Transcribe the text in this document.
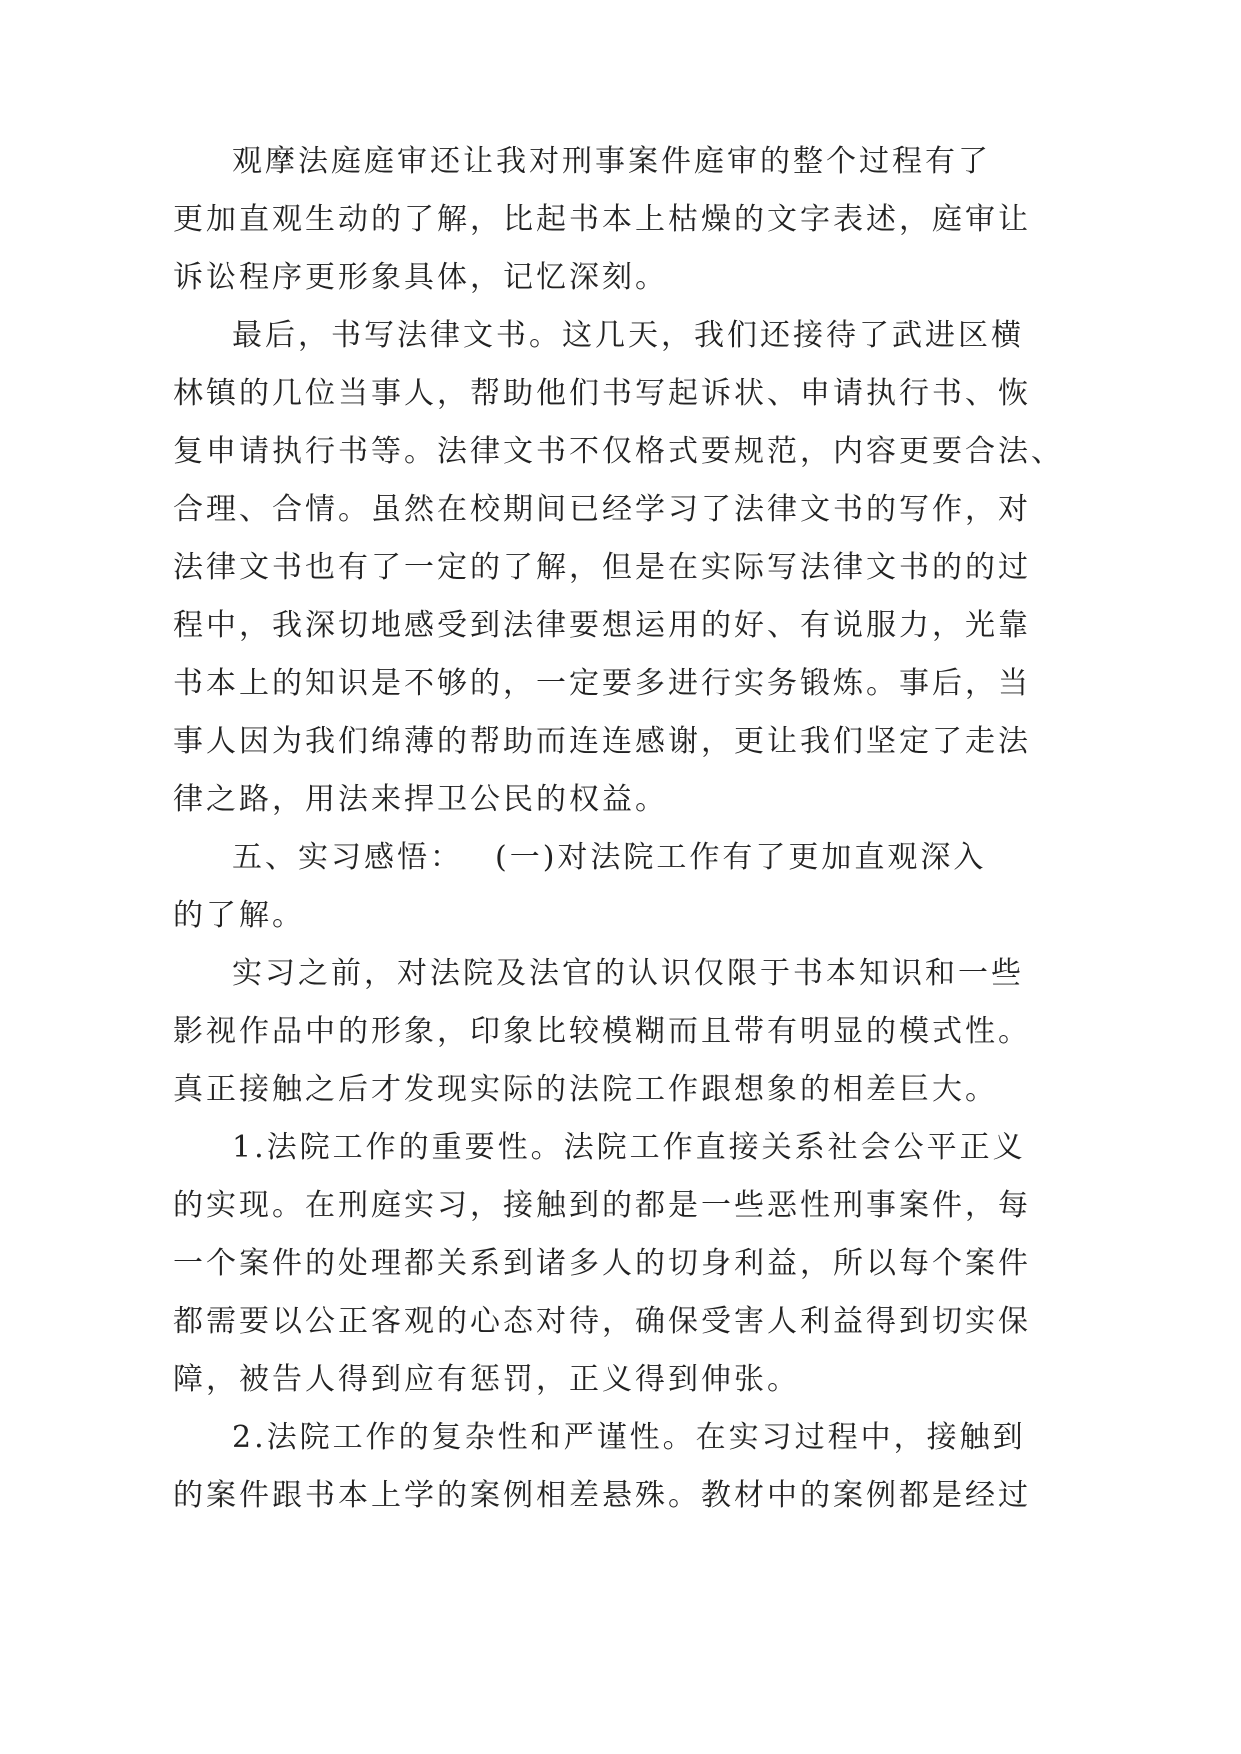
观摩法庭庭审还让我对刑事案件庭审的整个过程有了
更加直观生动的了解，比起书本上枯燥的文字表述，庭审让
诉讼程序更形象具体，记忆深刻。
最后，书写法律文书。这几天，我们还接待了武进区横
林镇的几位当事人，帮助他们书写起诉状、申请执行书、恢
复申请执行书等。法律文书不仅格式要规范，内容更要合法、
合理、合情。虽然在校期间已经学习了法律文书的写作，对
法律文书也有了一定的了解，但是在实际写法律文书的的过
程中，我深切地感受到法律要想运用的好、有说服力，光靠
书本上的知识是不够的，一定要多进行实务锻炼。事后，当
事人因为我们绵薄的帮助而连连感谢，更让我们坚定了走法
律之路，用法来捍卫公民的权益。
五、实习感悟： (一)对法院工作有了更加直观深入
的了解。
实习之前，对法院及法官的认识仅限于书本知识和一些
影视作品中的形象，印象比较模糊而且带有明显的模式性。
真正接触之后才发现实际的法院工作跟想象的相差巨大。
1.法院工作的重要性。法院工作直接关系社会公平正义
的实现。在刑庭实习，接触到的都是一些恶性刑事案件，每
一个案件的处理都关系到诸多人的切身利益，所以每个案件
都需要以公正客观的心态对待，确保受害人利益得到切实保
障，被告人得到应有惩罚，正义得到伸张。
2.法院工作的复杂性和严谨性。在实习过程中，接触到
的案件跟书本上学的案例相差悬殊。教材中的案例都是经过
